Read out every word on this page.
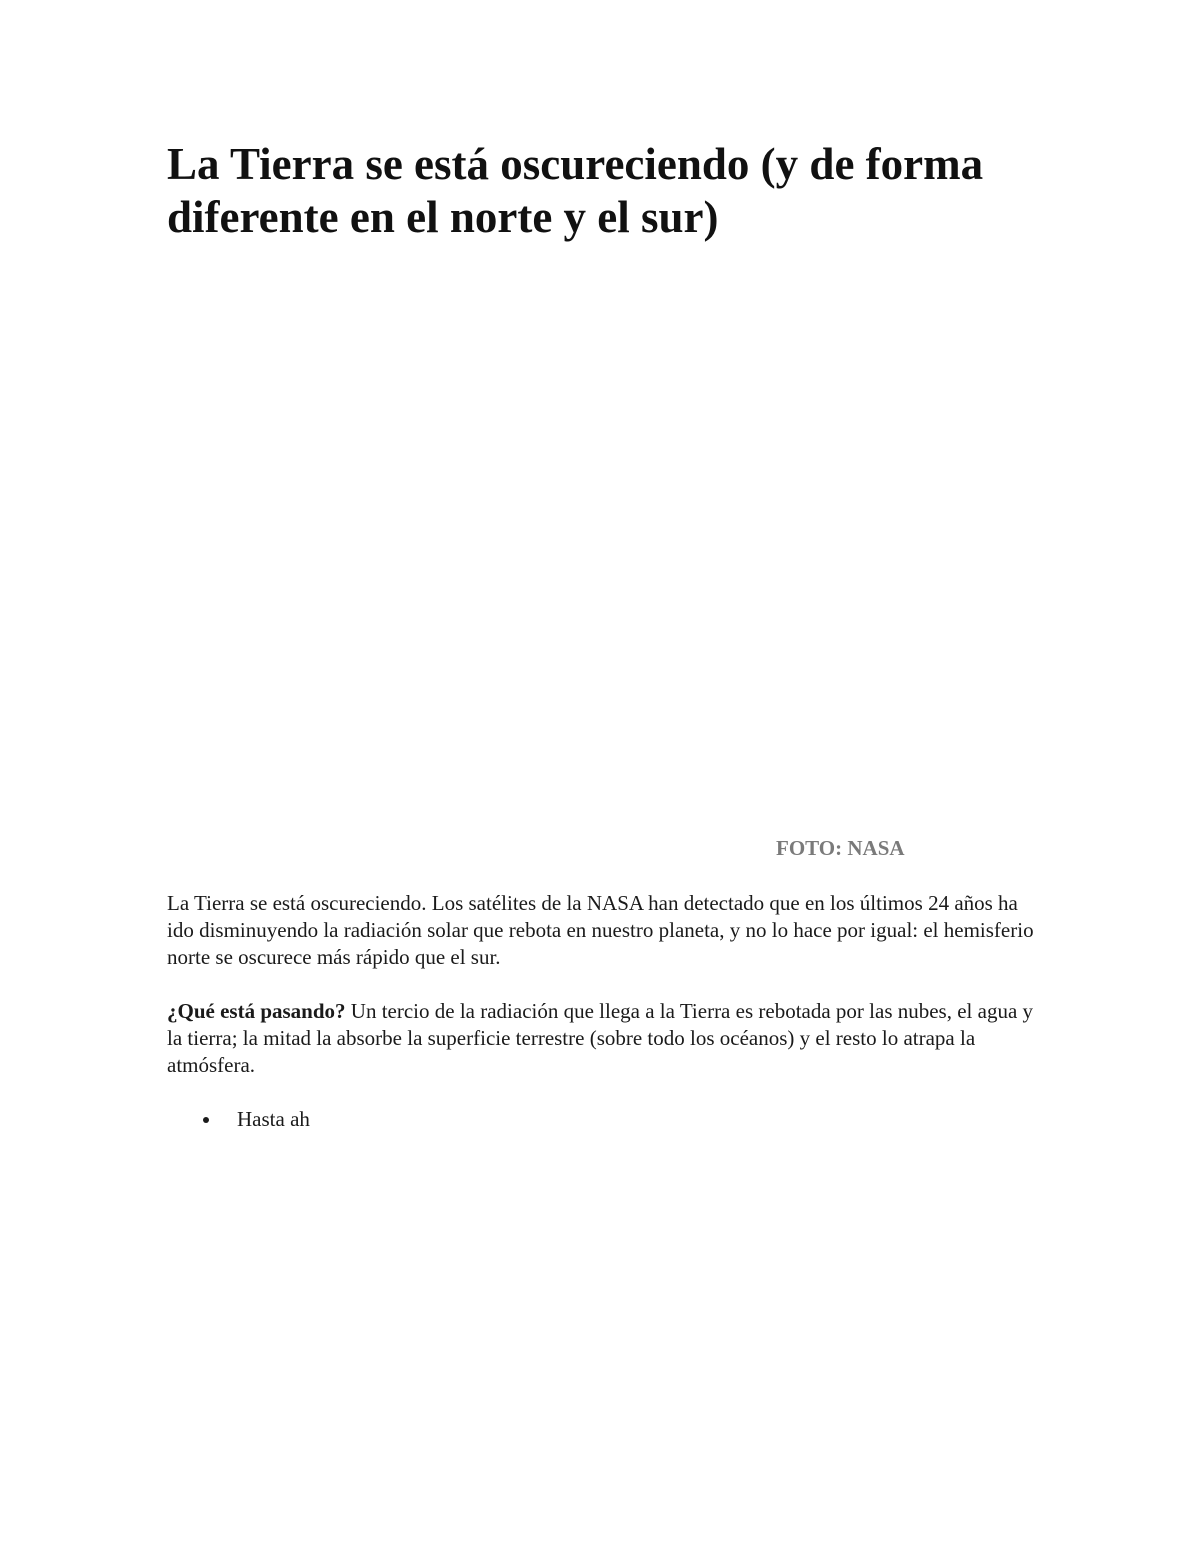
La Tierra se está oscureciendo (y de forma diferente en el norte y el sur)

FOTO: NASA

La Tierra se está oscureciendo. Los satélites de la NASA han detectado que en los últimos 24 años ha ido disminuyendo la radiación solar que rebota en nuestro planeta, y no lo hace por igual: el hemisferio norte se oscurece más rápido que el sur.

¿Qué está pasando? Un tercio de la radiación que llega a la Tierra es rebotada por las nubes, el agua y la tierra; la mitad la absorbe la superficie terrestre (sobre todo los océanos) y el resto lo atrapa la atmósfera.

Hasta ah
